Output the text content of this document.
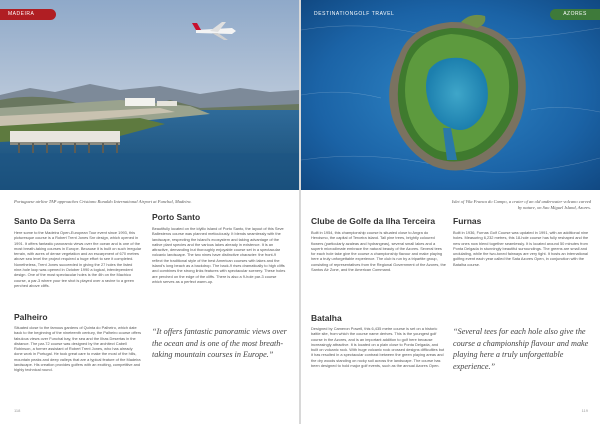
MADEIRA

Portuguese airline TAP approaches Cristiano Ronaldo International Airport at Funchal, Madeira.

Santo Da Serra

Here some to the Madeira Open-European Tour event since 1993, this picturesque course is a Robert Trent Jones Snr design, which opened in 1991. It offers fantastic panoramic views over the ocean and is one of the most breath-taking courses in Europe. Because it is built on such irregular terrain, with acres of dense vegetation and an escarpment of 670 metres above sea level the project required a huge effort to see it completed. Nonetheless, Trent Jones succeeded in giving the 27 holes the listed nine-hole loop was opened in October 1990 a logical, interdependent design. One of the most spectacular holes is the 4th on the Machico course, a par-3 where your tee shot is played over a ravine to a green perched above cliffs.

Palheiro

Situated close to the famous gardens of Quinta do Palheiro, which date back to the beginning of the nineteenth century, the Palheiro course offers fabulous views over Funchal bay, the sea and the Ilhas Desertas in the distance. The par-72 course was designed by the architect Cabell Robinson, a former assistant of Robert Trent Jones, who has already done work in Portugal. He took great care to make the most of the hills, mountain peaks and deep valleys that are a typical feature of the Madeira landscape. His creation provides golfers with an exciting, competitive and highly technical round.

Porto Santo

Beautifully located on the idyllic island of Porto Santo, the layout of this Seve Ballesteros course was planned meticulously. It blends seamlessly with the landscape, respecting the island's ecosystem and taking advantage of the native plant species and the various lakes already in existence. It is an attractive, demanding but thoroughly enjoyable course set in a spectacular volcanic landscape. The two nines have distinctive character: the front-9 reflect the traditional style of the best American courses with lakes and the island's long beach as a backdrop. The back-9 rises dramatically to high cliffs and combines the strong links features with spectacular scenery. These holes are perched on the edge of the cliffs. There is also a 9-hole par-3 course which serves as a perfect warm-up.

“It offers fantastic panoramic views over the ocean and is one of the most breath-taking mountain courses in Europe.”

118
DESTINATIONGOLF TRAVEL	AZORES

Islet of Vila Franca do Campo, a crater of an old underwater volcano carved by nature, on Sao Miguel Island, Azores.

Clube de Golfe da Ilha Terceira

Built in 1954, this championship course is situated close to Angra do Heroismo, the capital of Terceira island. Tall pine trees, brightly coloured flowers (particularly azaleas and hydrangeas), several small lakes and a superb microclimate embrace the natural beauty of the Azores. Several tees for each hole take give the course a championship flavour and make playing here a truly unforgettable experience. The club is run by a tripartite group, consisting of representatives from the Regional Government of the Azores, the Santos Air Zone, and the American Command.

Batalha

Designed by Cameron Powell, this 6,435 metre course is set on a historic battle site, from which the course name derives. This is the youngest golf course in the Azores, and is an important addition to golf here because increasingly attractive. It is located on a plain close to Ponta Delgada, and built on volcanic rock. With huge volcanic rock crossed designs difficulties but it has resulted in a spectacular contrast between the green playing areas and the dry woods standing on rocky soil across the landscape. The course has been designed to hold major golf events, such as the annual Azores Open.

Furnas

Built in 1936, Furnas Golf Course was updated in 1991, with an additional nine holes. Measuring 6,232 metres, this 18-hole course has fully reshaped and the new ones now blend together seamlessly. It is located around 50 minutes from Ponta Delgada in stunningly beautiful surroundings. The greens are small and undulating, while the two-toned fairways are very tight. It hosts an international golfing event each year called the Sata Azores Open, in conjunction with the Batalha course.

“Several tees for each hole also give the course a championship flavour and make playing here a truly unforgettable experience.”

119
